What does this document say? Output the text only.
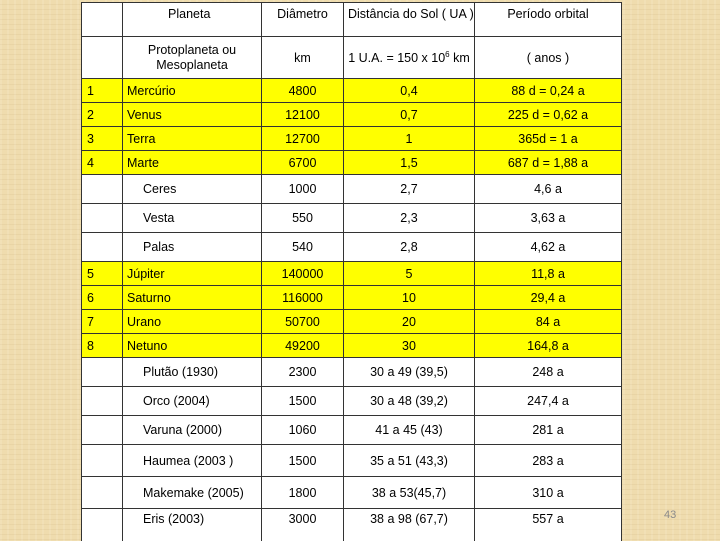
	Planeta	Diâmetro	Distância do Sol ( UA )	Período orbital
	Protoplaneta ou Mesoplaneta	km	1 U.A. = 150 x $10^6$ km	( anos )
1	Mercúrio	4800	0,4	88 d = 0,24 a
2	Venus	12100	0,7	225 d = 0,62 a
3	Terra	12700	1	365d = 1 a
4	Marte	6700	1,5	687 d = 1,88 a
	Ceres	1000	2,7	4,6 a
	Vesta	550	2,3	3,63 a
	Palas	540	2,8	4,62 a
5	Júpiter	140000	5	11,8 a
6	Saturno	116000	10	29,4 a
7	Urano	50700	20	84 a
8	Netuno	49200	30	164,8 a
	Plutão (1930)	2300	30 a 49 (39,5)	248 a
	Orco (2004)	1500	30 a 48 (39,2)	247,4 a
	Varuna (2000)	1060	41 a 45 (43)	281 a
	Haumea (2003 )	1500	35 a 51 (43,3)	283 a
	Makemake (2005)	1800	38 a 53(45,7)	310 a
	Eris (2003)	3000	38 a 98 (67,7)	557 a	43
